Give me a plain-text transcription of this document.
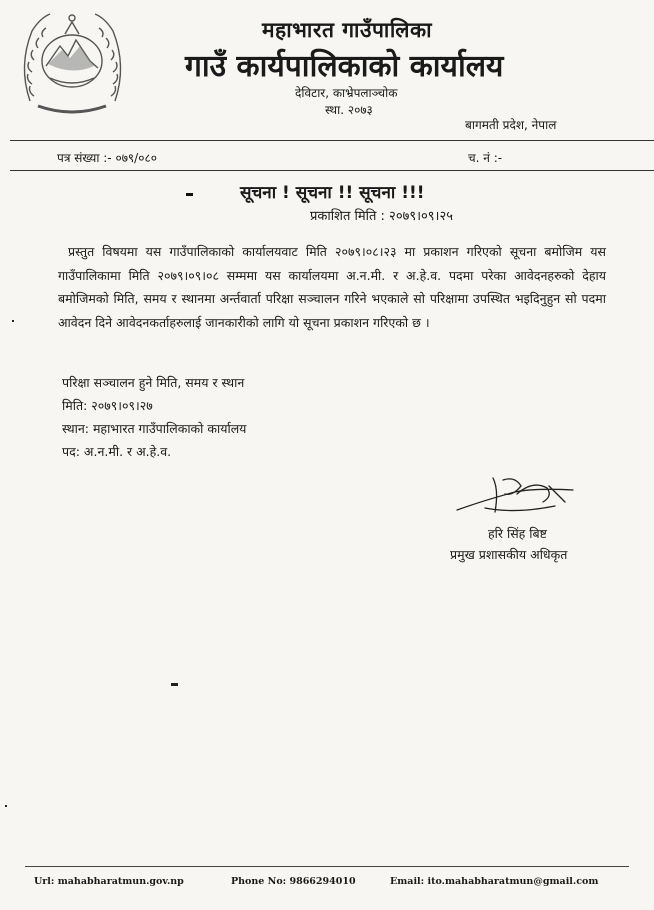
महाभारत गाउँपालिका
गाउँ कार्यपालिकाको कार्यालय
देविटार, काभ्रेपलाञ्चोक
स्था. २०७३
बागमती प्रदेश, नेपाल
पत्र संख्या :- ०७९/०८०	च. नं :-
सूचना ! सूचना !! सूचना !!!
प्रकाशित मिति : २०७९।०९।२५
प्रस्तुत विषयमा यस गाउँपालिकाको कार्यालयवाट मिति २०७९।०८।२३ मा प्रकाशन गरिएको सूचना बमोजिम यस गाउँपालिकामा मिति २०७९।०९।०८ सम्ममा यस कार्यालयमा अ.न.मी. र अ.हे.व. पदमा परेका आवेदनहरुको देहाय बमोजिमको मिति, समय र स्थानमा अर्न्तवार्ता परिक्षा सञ्चालन गरिने भएकाले सो परिक्षामा उपस्थित भइदिनुहुन सो पदमा आवेदन दिने आवेदनकर्ताहरुलाई जानकारीको लागि यो सूचना प्रकाशन गरिएको छ ।
परिक्षा सञ्चालन हुने मिति, समय र स्थान
मिति: २०७९।०९।२७
स्थान: महाभारत गाउँपालिकाको कार्यालय
पद: अ.न.मी. र अ.हे.व.
हरि सिंह बिष्ट
प्रमुख प्रशासकीय अधिकृत
Url: mahabharatmun.gov.np	Phone No: 9866294010	Email: ito.mahabharatmun@gmail.com
